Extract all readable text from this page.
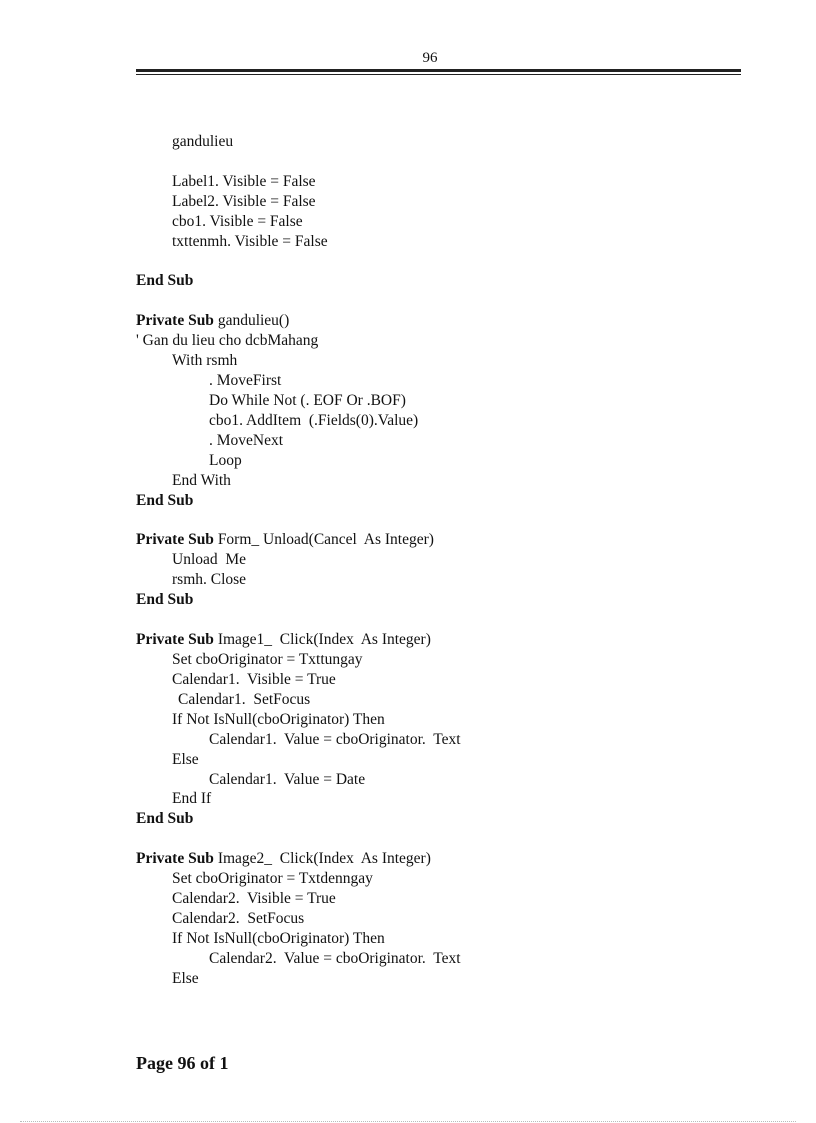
96
gandulieu
Label1. Visible = False
Label2. Visible = False
cbo1. Visible = False
txttenmh. Visible = False
End Sub
Private Sub gandulieu()
' Gan du lieu cho dcbMahang
With rsmh
. MoveFirst
Do While Not (. EOF Or .BOF)
cbo1. AddItem  (.Fields(0).Value)
. MoveNext
Loop
End With
End Sub
Private Sub Form_ Unload(Cancel  As Integer)
Unload  Me
rsmh. Close
End Sub
Private Sub Image1_  Click(Index  As Integer)
Set cboOriginator = Txttungay
Calendar1.  Visible = True
Calendar1.  SetFocus
If Not IsNull(cboOriginator) Then
Calendar1.  Value = cboOriginator.  Text
Else
Calendar1.  Value = Date
End If
End Sub
Private Sub Image2_  Click(Index  As Integer)
Set cboOriginator = Txtdenngay
Calendar2.  Visible = True
Calendar2.  SetFocus
If Not IsNull(cboOriginator) Then
Calendar2.  Value = cboOriginator.  Text
Else
Page 96 of 1
